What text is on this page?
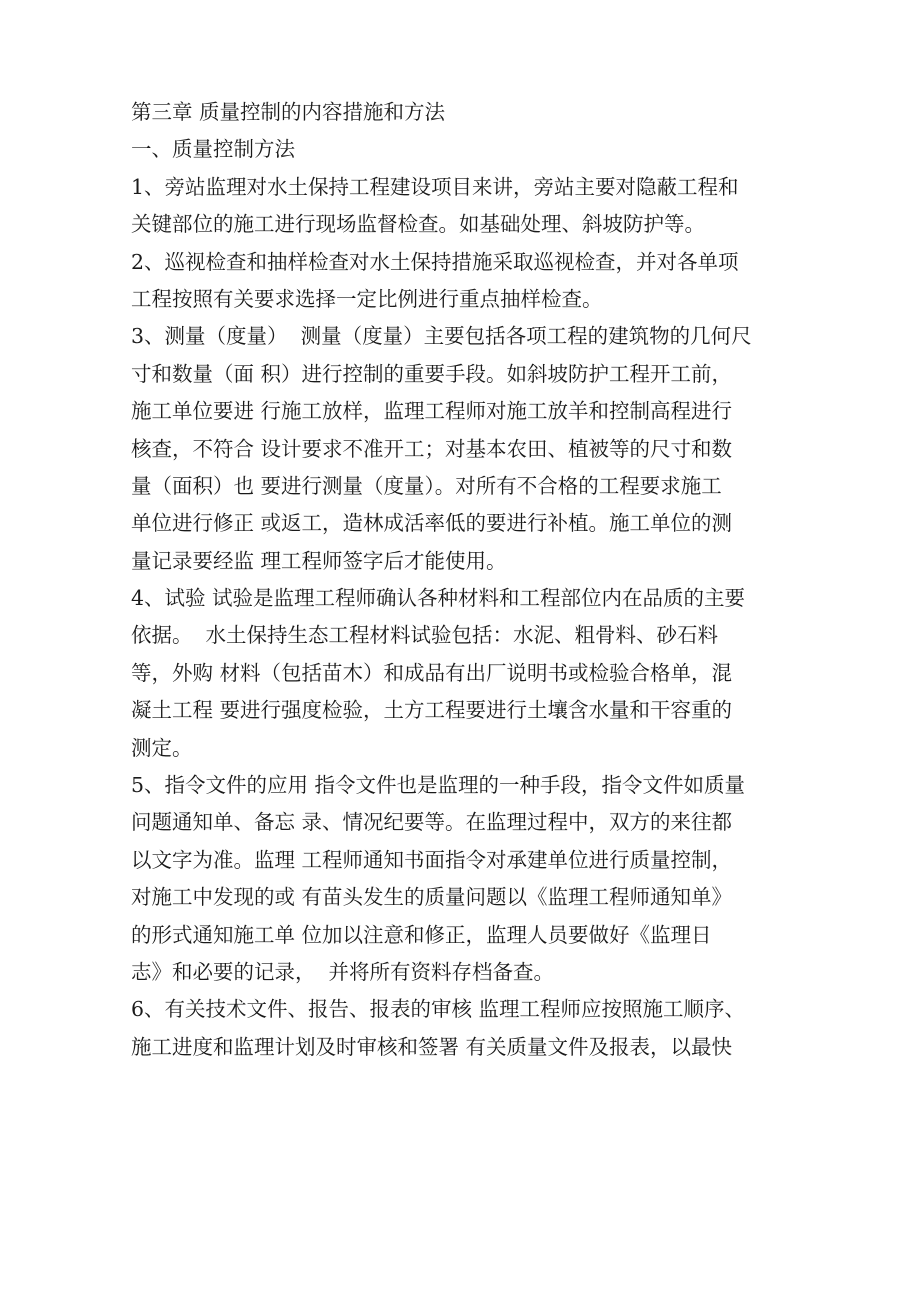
第三章 质量控制的内容措施和方法
一、质量控制方法
1、旁站监理对水土保持工程建设项目来讲，旁站主要对隐蔽工程和
关键部位的施工进行现场监督检查。如基础处理、斜坡防护等。
2、巡视检查和抽样检查对水土保持措施采取巡视检查，并对各单项
工程按照有关要求选择一定比例进行重点抽样检查。
3、测量（度量）  测量（度量）主要包括各项工程的建筑物的几何尺
寸和数量（面 积）进行控制的重要手段。如斜坡防护工程开工前，
施工单位要进 行施工放样，监理工程师对施工放羊和控制高程进行
核查，不符合 设计要求不准开工；对基本农田、植被等的尺寸和数
量（面积）也 要进行测量（度量）。对所有不合格的工程要求施工
单位进行修正 或返工，造林成活率低的要进行补植。施工单位的测
量记录要经监 理工程师签字后才能使用。
4、试验 试验是监理工程师确认各种材料和工程部位内在品质的主要
依据。  水土保持生态工程材料试验包括：水泥、粗骨料、砂石料
等，外购 材料（包括苗木）和成品有出厂说明书或检验合格单，混
凝土工程 要进行强度检验，土方工程要进行土壤含水量和干容重的
测定。
5、指令文件的应用 指令文件也是监理的一种手段，指令文件如质量
问题通知单、备忘 录、情况纪要等。在监理过程中，双方的来往都
以文字为准。监理 工程师通知书面指令对承建单位进行质量控制，
对施工中发现的或 有苗头发生的质量问题以《监理工程师通知单》
的形式通知施工单 位加以注意和修正，监理人员要做好《监理日
志》和必要的记录，  并将所有资料存档备查。
6、有关技术文件、报告、报表的审核 监理工程师应按照施工顺序、
施工进度和监理计划及时审核和签署 有关质量文件及报表，以最快
